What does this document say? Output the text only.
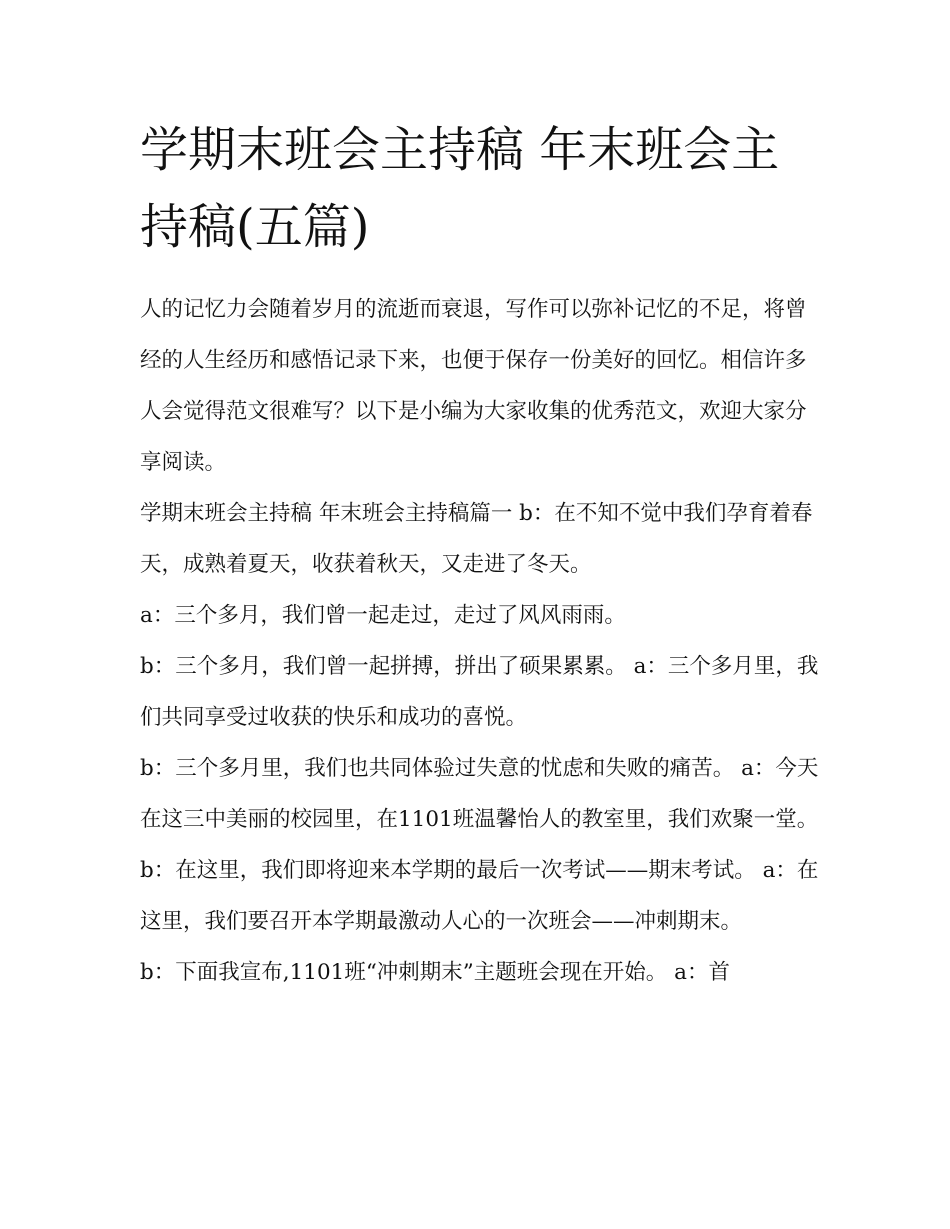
学期末班会主持稿 年末班会主持稿(五篇)

人的记忆力会随着岁月的流逝而衰退，写作可以弥补记忆的不足，将曾经的人生经历和感悟记录下来，也便于保存一份美好的回忆。相信许多人会觉得范文很难写？以下是小编为大家收集的优秀范文，欢迎大家分享阅读。

学期末班会主持稿 年末班会主持稿篇一 b：在不知不觉中我们孕育着春天，成熟着夏天，收获着秋天，又走进了冬天。

a：三个多月，我们曾一起走过，走过了风风雨雨。

b：三个多月，我们曾一起拼搏，拼出了硕果累累。 a：三个多月里，我们共同享受过收获的快乐和成功的喜悦。

b：三个多月里，我们也共同体验过失意的忧虑和失败的痛苦。 a：今天在这三中美丽的校园里，在1101班温馨怡人的教室里，我们欢聚一堂。

b：在这里，我们即将迎来本学期的最后一次考试——期末考试。 a：在这里，我们要召开本学期最激动人心的一次班会——冲刺期末。

b：下面我宣布,1101班“冲刺期末”主题班会现在开始。 a：首
